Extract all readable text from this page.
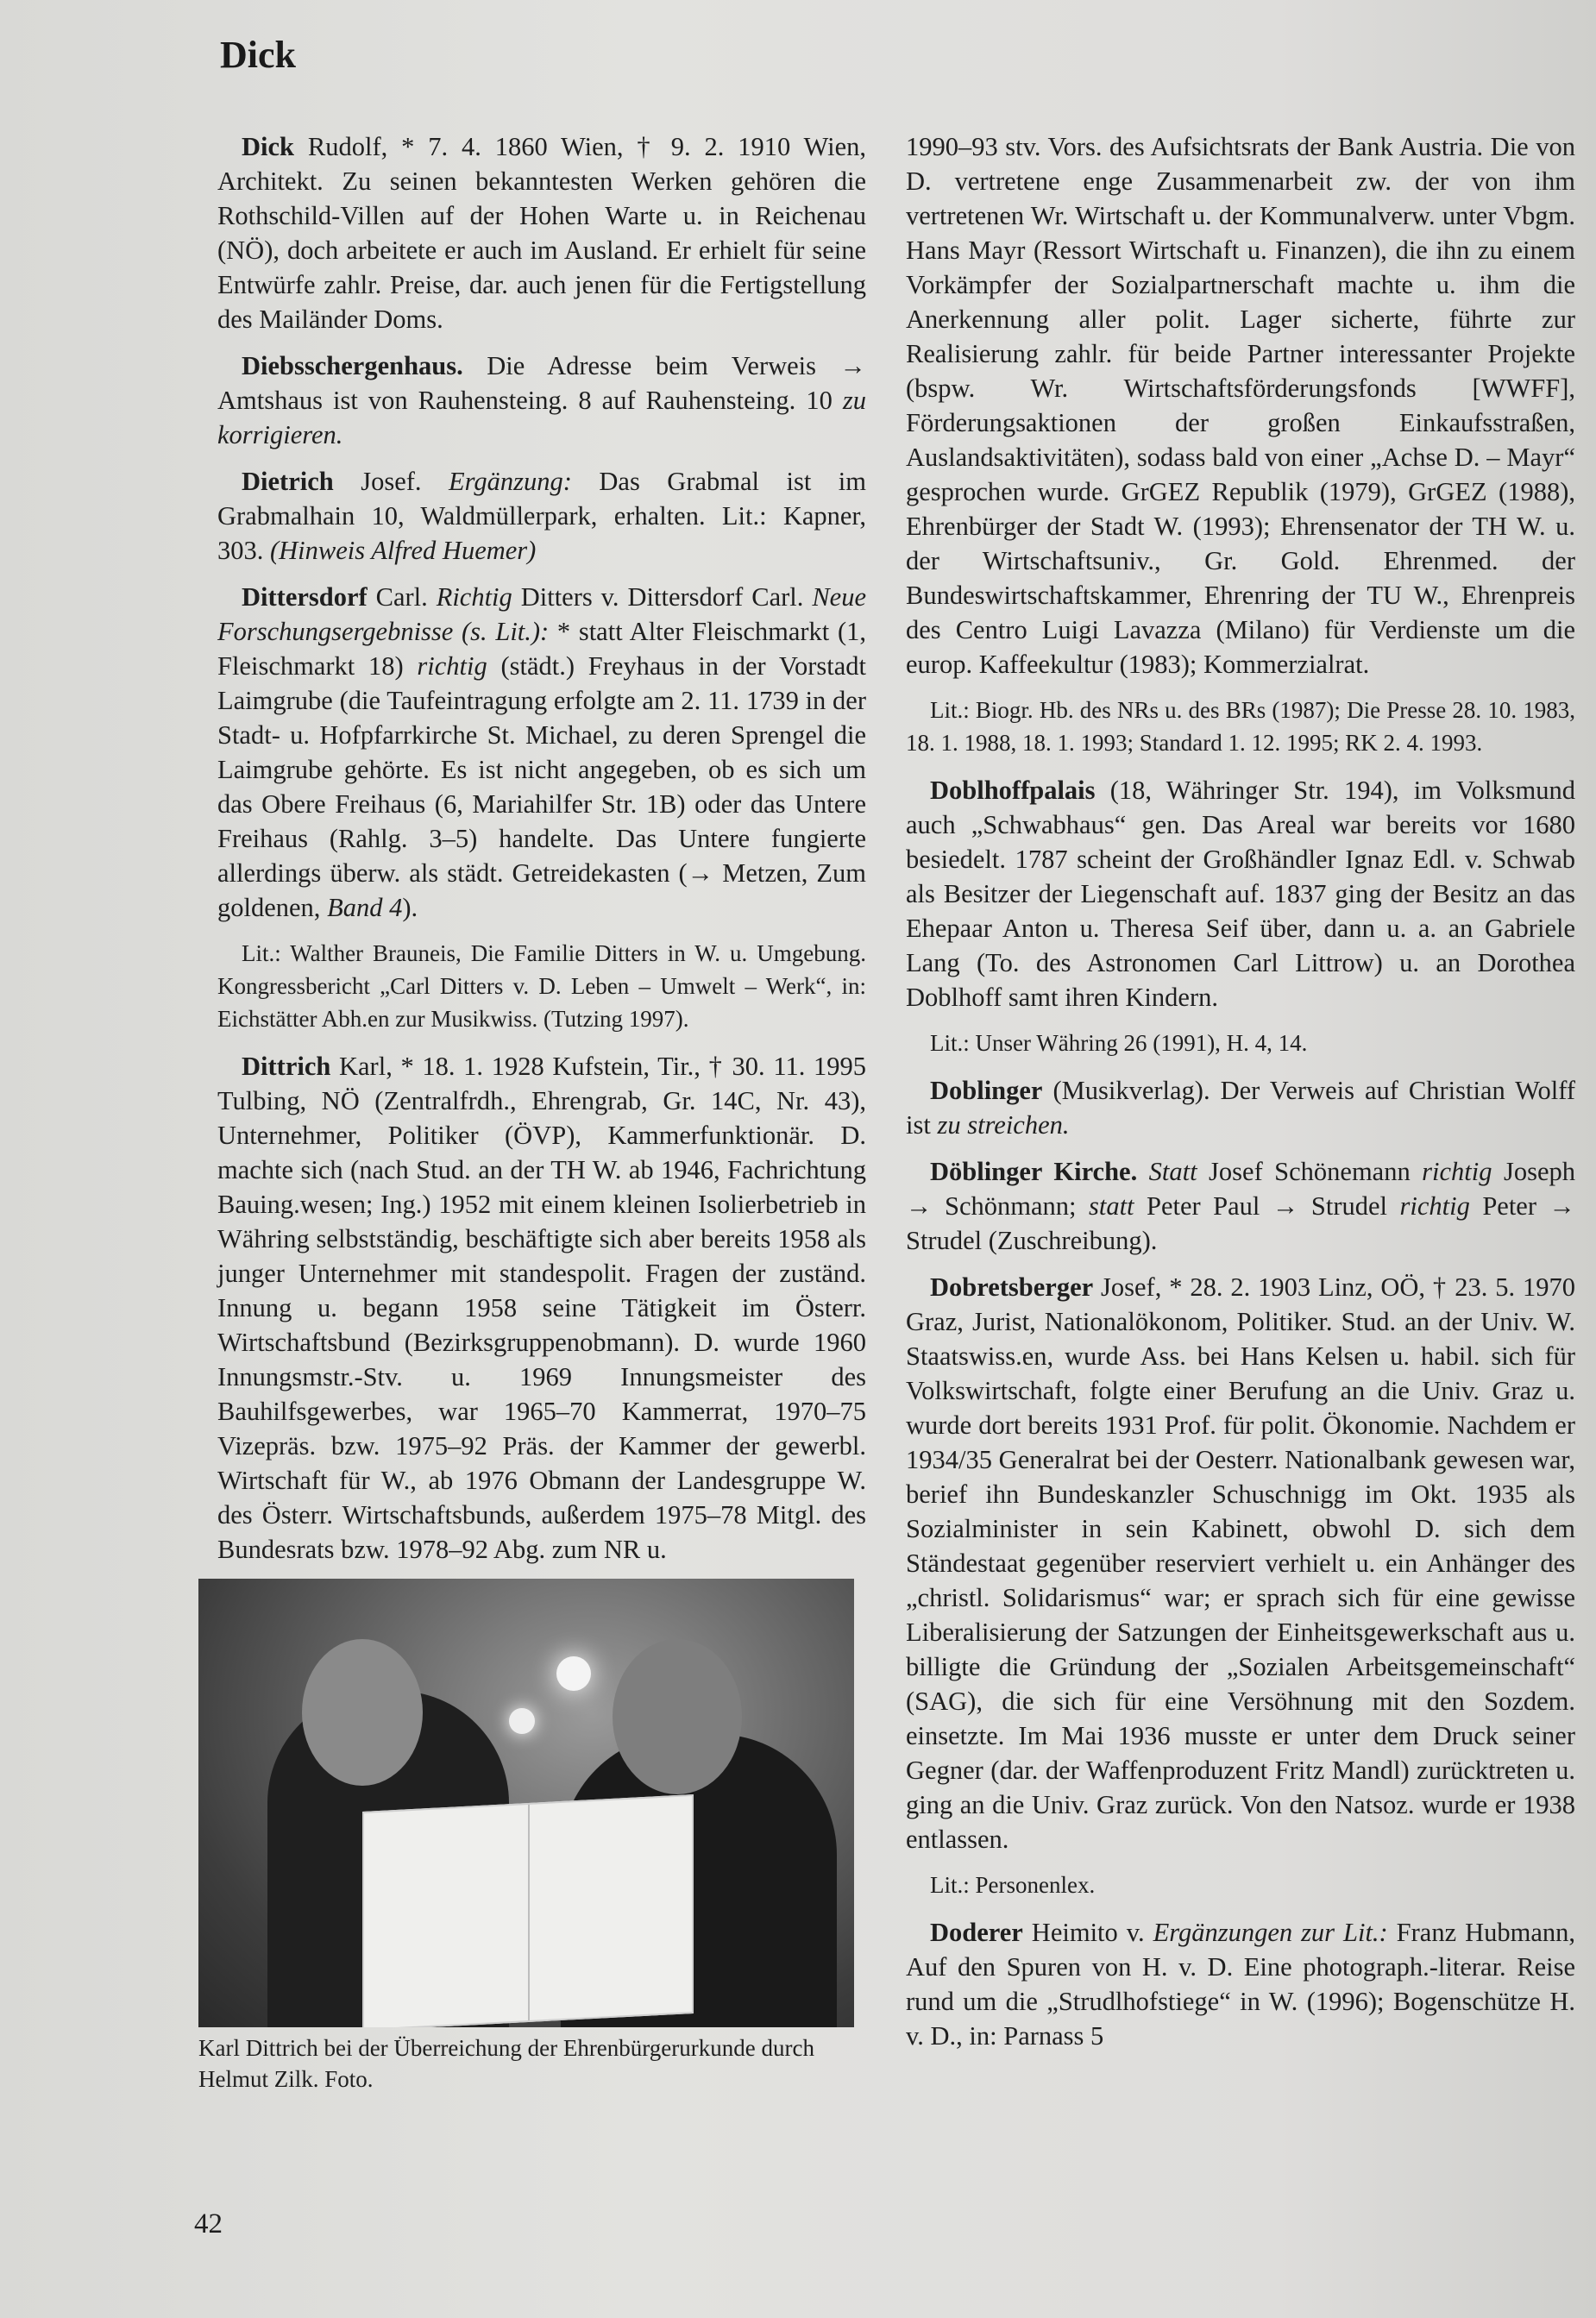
Dick

Dick Rudolf, * 7. 4. 1860 Wien, † 9. 2. 1910 Wien, Architekt. Zu seinen bekanntesten Werken gehören die Rothschild-Villen auf der Hohen Warte u. in Reichenau (NÖ), doch arbeitete er auch im Ausland. Er erhielt für seine Entwürfe zahlr. Preise, dar. auch jenen für die Fertigstellung des Mailänder Doms.

Diebsschergenhaus. Die Adresse beim Verweis → Amtshaus ist von Rauhensteing. 8 auf Rauhensteing. 10 zu korrigieren.

Dietrich Josef. Ergänzung: Das Grabmal ist im Grabmalhain 10, Waldmüllerpark, erhalten. Lit.: Kapner, 303. (Hinweis Alfred Huemer)

Dittersdorf Carl. Richtig Ditters v. Dittersdorf Carl. Neue Forschungsergebnisse (s. Lit.): * statt Alter Fleischmarkt (1, Fleischmarkt 18) richtig (städt.) Freyhaus in der Vorstadt Laimgrube (die Taufeintragung erfolgte am 2. 11. 1739 in der Stadt- u. Hofpfarrkirche St. Michael, zu deren Sprengel die Laimgrube gehörte. Es ist nicht angegeben, ob es sich um das Obere Freihaus (6, Mariahilfer Str. 1B) oder das Untere Freihaus (Rahlg. 3–5) handelte. Das Untere fungierte allerdings überw. als städt. Getreidekasten (→ Metzen, Zum goldenen, Band 4).

Lit.: Walther Brauneis, Die Familie Ditters in W. u. Umgebung. Kongressbericht „Carl Ditters v. D. Leben – Umwelt – Werk“, in: Eichstätter Abh.en zur Musikwiss. (Tutzing 1997).

Dittrich Karl, * 18. 1. 1928 Kufstein, Tir., † 30. 11. 1995 Tulbing, NÖ (Zentralfrdh., Ehrengrab, Gr. 14C, Nr. 43), Unternehmer, Politiker (ÖVP), Kammerfunktionär. D. machte sich (nach Stud. an der TH W. ab 1946, Fachrichtung Bauing.wesen; Ing.) 1952 mit einem kleinen Isolierbetrieb in Währing selbstständig, beschäftigte sich aber bereits 1958 als junger Unternehmer mit standespolit. Fragen der zuständ. Innung u. begann 1958 seine Tätigkeit im Österr. Wirtschaftsbund (Bezirksgruppenobmann). D. wurde 1960 Innungsmstr.-Stv. u. 1969 Innungsmeister des Bauhilfsgewerbes, war 1965–70 Kammerrat, 1970–75 Vizepräs. bzw. 1975–92 Präs. der Kammer der gewerbl. Wirtschaft für W., ab 1976 Obmann der Landesgruppe W. des Österr. Wirtschaftsbunds, außerdem 1975–78 Mitgl. des Bundesrats bzw. 1978–92 Abg. zum NR u.

Karl Dittrich bei der Überreichung der Ehrenbürgerurkunde durch Helmut Zilk. Foto.

1990–93 stv. Vors. des Aufsichtsrats der Bank Austria. Die von D. vertretene enge Zusammenarbeit zw. der von ihm vertretenen Wr. Wirtschaft u. der Kommunalverw. unter Vbgm. Hans Mayr (Ressort Wirtschaft u. Finanzen), die ihn zu einem Vorkämpfer der Sozialpartnerschaft machte u. ihm die Anerkennung aller polit. Lager sicherte, führte zur Realisierung zahlr. für beide Partner interessanter Projekte (bspw. Wr. Wirtschaftsförderungsfonds [WWFF], Förderungsaktionen der großen Einkaufsstraßen, Auslandsaktivitäten), sodass bald von einer „Achse D. – Mayr“ gesprochen wurde. GrGEZ Republik (1979), GrGEZ (1988), Ehrenbürger der Stadt W. (1993); Ehrensenator der TH W. u. der Wirtschaftsuniv., Gr. Gold. Ehrenmed. der Bundeswirtschaftskammer, Ehrenring der TU W., Ehrenpreis des Centro Luigi Lavazza (Milano) für Verdienste um die europ. Kaffeekultur (1983); Kommerzialrat.

Lit.: Biogr. Hb. des NRs u. des BRs (1987); Die Presse 28. 10. 1983, 18. 1. 1988, 18. 1. 1993; Standard 1. 12. 1995; RK 2. 4. 1993.

Doblhoffpalais (18, Währinger Str. 194), im Volksmund auch „Schwabhaus“ gen. Das Areal war bereits vor 1680 besiedelt. 1787 scheint der Großhändler Ignaz Edl. v. Schwab als Besitzer der Liegenschaft auf. 1837 ging der Besitz an das Ehepaar Anton u. Theresa Seif über, dann u. a. an Gabriele Lang (To. des Astronomen Carl Littrow) u. an Dorothea Doblhoff samt ihren Kindern.

Lit.: Unser Währing 26 (1991), H. 4, 14.

Doblinger (Musikverlag). Der Verweis auf Christian Wolff ist zu streichen.

Döblinger Kirche. Statt Josef Schönemann richtig Joseph → Schönmann; statt Peter Paul → Strudel richtig Peter → Strudel (Zuschreibung).

Dobretsberger Josef, * 28. 2. 1903 Linz, OÖ, † 23. 5. 1970 Graz, Jurist, Nationalökonom, Politiker. Stud. an der Univ. W. Staatswiss.en, wurde Ass. bei Hans Kelsen u. habil. sich für Volkswirtschaft, folgte einer Berufung an die Univ. Graz u. wurde dort bereits 1931 Prof. für polit. Ökonomie. Nachdem er 1934/35 Generalrat bei der Oesterr. Nationalbank gewesen war, berief ihn Bundeskanzler Schuschnigg im Okt. 1935 als Sozialminister in sein Kabinett, obwohl D. sich dem Ständestaat gegenüber reserviert verhielt u. ein Anhänger des „christl. Solidarismus“ war; er sprach sich für eine gewisse Liberalisierung der Satzungen der Einheitsgewerkschaft aus u. billigte die Gründung der „Sozialen Arbeitsgemeinschaft“ (SAG), die sich für eine Versöhnung mit den Sozdem. einsetzte. Im Mai 1936 musste er unter dem Druck seiner Gegner (dar. der Waffenproduzent Fritz Mandl) zurücktreten u. ging an die Univ. Graz zurück. Von den Natsoz. wurde er 1938 entlassen.

Lit.: Personenlex.

Doderer Heimito v. Ergänzungen zur Lit.: Franz Hubmann, Auf den Spuren von H. v. D. Eine photograph.-literar. Reise rund um die „Strudlhofstiege“ in W. (1996); Bogenschütze H. v. D., in: Parnass 5

42
